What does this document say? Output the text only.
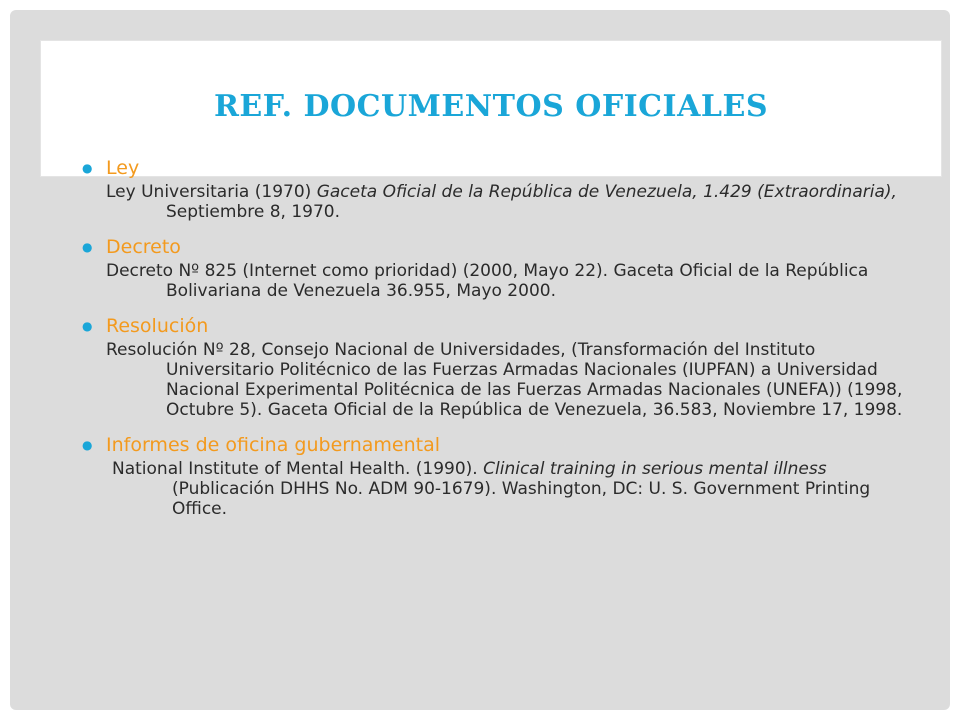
REF. DOCUMENTOS OFICIALES
● Ley
Ley Universitaria (1970) Gaceta Oficial de la República de Venezuela, 1.429 (Extraordinaria), Septiembre 8, 1970.
● Decreto
Decreto Nº 825 (Internet como prioridad) (2000, Mayo 22). Gaceta Oficial de la República Bolivariana de Venezuela 36.955, Mayo 2000.
● Resolución
Resolución Nº 28, Consejo Nacional de Universidades, (Transformación del Instituto Universitario Politécnico de las Fuerzas Armadas Nacionales (IUPFAN) a Universidad Nacional Experimental Politécnica de las Fuerzas Armadas Nacionales (UNEFA)) (1998, Octubre 5). Gaceta Oficial de la República de Venezuela, 36.583, Noviembre 17, 1998.
● Informes de oficina gubernamental
National Institute of Mental Health. (1990). Clinical training in serious mental illness (Publicación DHHS No. ADM 90-1679). Washington, DC: U. S. Government Printing Office.
